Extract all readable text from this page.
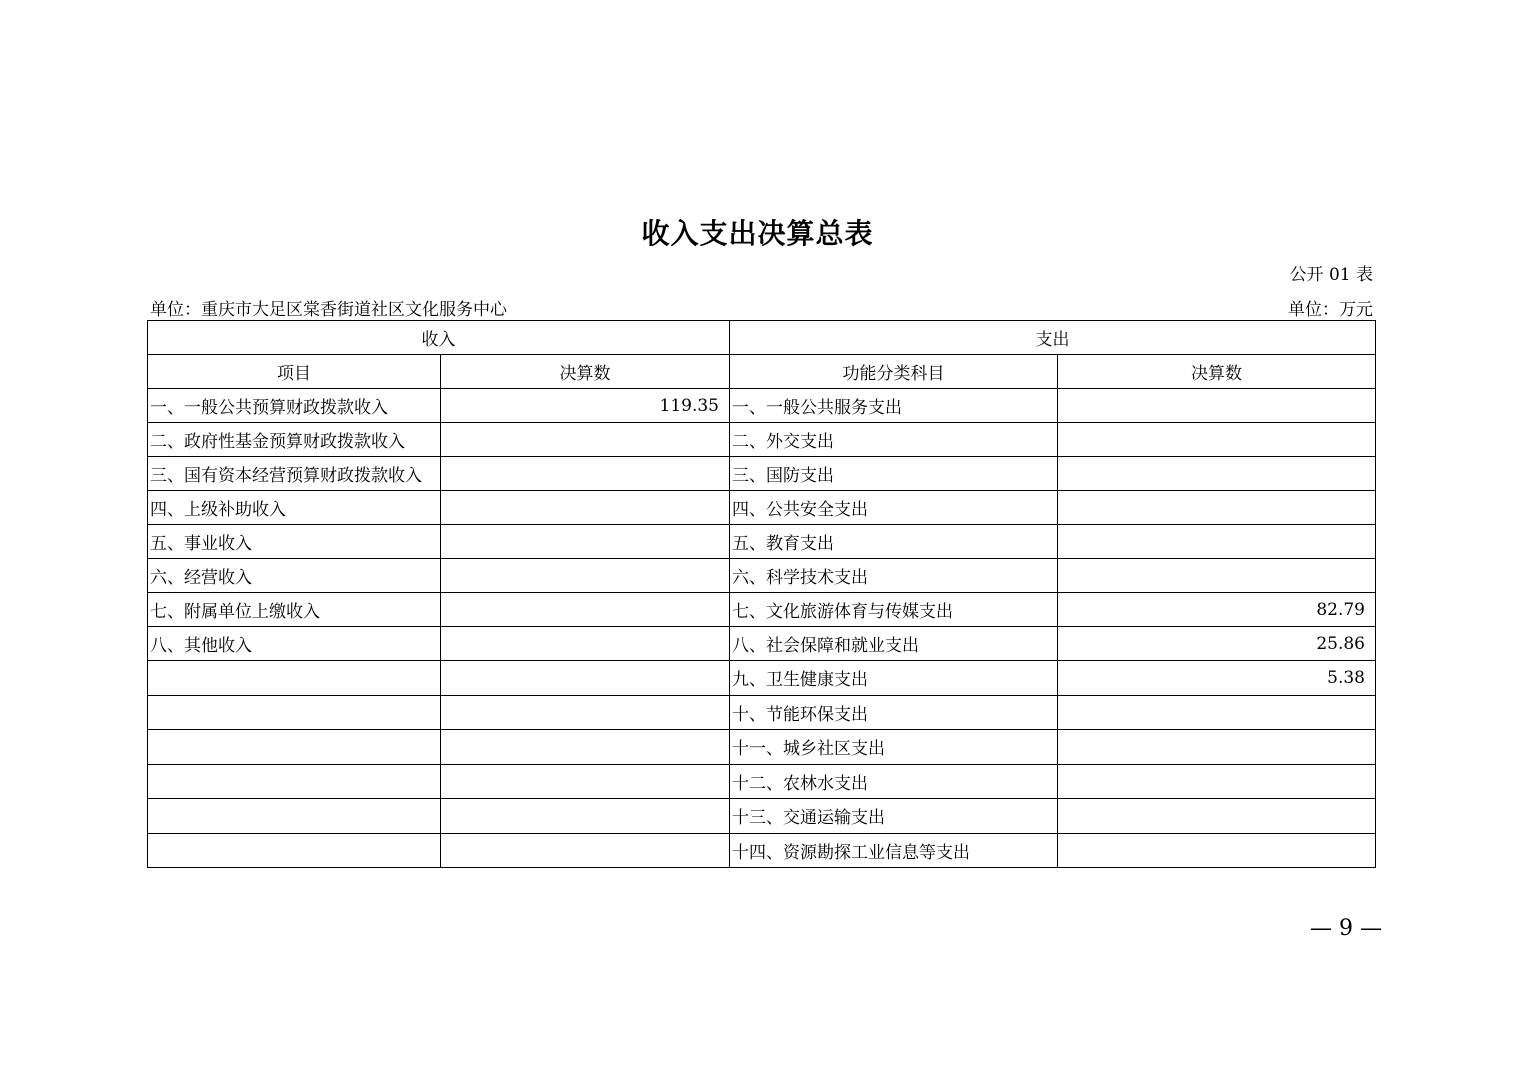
收入支出决算总表
公开 01 表
单位：重庆市大足区棠香街道社区文化服务中心	单位：万元
收入		支出	
项目	决算数	功能分类科目	决算数
一、一般公共预算财政拨款收入	119.35	一、一般公共服务支出	
二、政府性基金预算财政拨款收入		二、外交支出	
三、国有资本经营预算财政拨款收入		三、国防支出	
四、上级补助收入		四、公共安全支出	
五、事业收入		五、教育支出	
六、经营收入		六、科学技术支出	
七、附属单位上缴收入		七、文化旅游体育与传媒支出	82.79
八、其他收入		八、社会保障和就业支出	25.86
		九、卫生健康支出	5.38
		十、节能环保支出	
		十一、城乡社区支出	
		十二、农林水支出	
		十三、交通运输支出	
		十四、资源勘探工业信息等支出	
— 9 —
